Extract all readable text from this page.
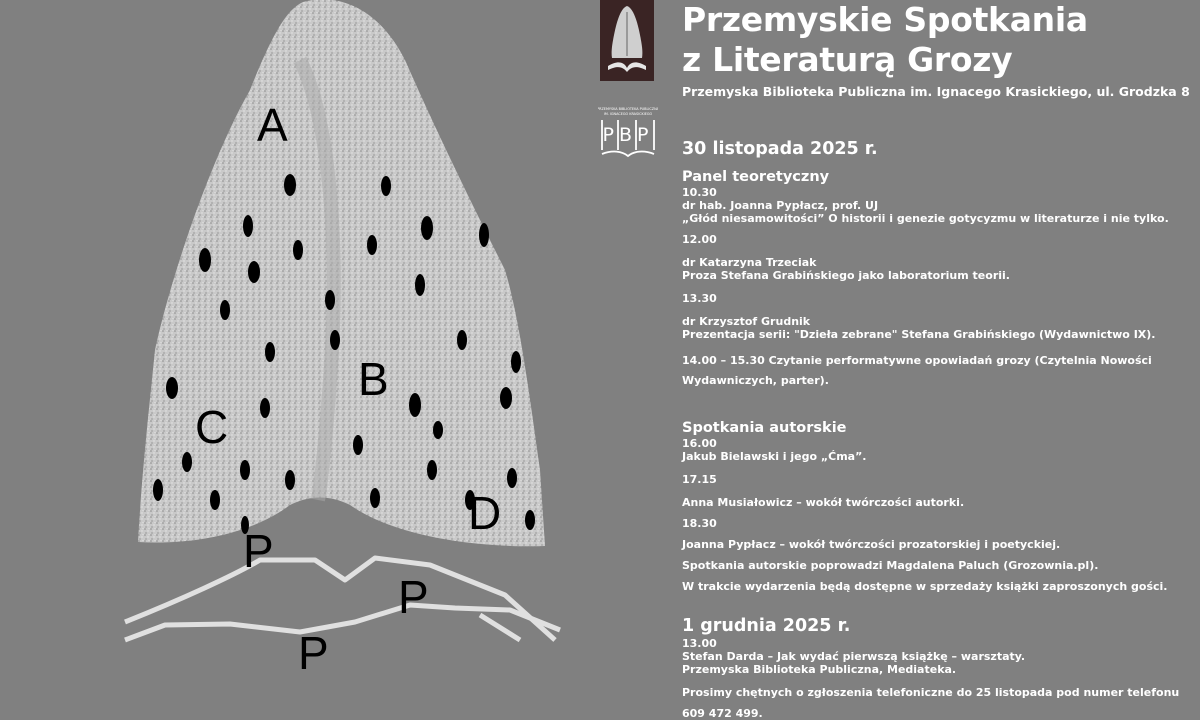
A
B
C
D
P
P
P
PRZEMYSKA BIBLIOTEKA PUBLICZNA
IM. IGNACEGO KRASICKIEGO
PBP
Przemyskie Spotkania
z Literaturą Grozy
Przemyska Biblioteka Publiczna im. Ignacego Krasickiego, ul. Grodzka 8
30 listopada 2025 r.
Panel teoretyczny
10.30
dr hab. Joanna Pypłacz, prof. UJ
„Głód niesamowitości” O historii i genezie gotycyzmu w literaturze i nie tylko.
12.00
dr Katarzyna Trzeciak
Proza Stefana Grabińskiego jako laboratorium teorii.
13.30
dr Krzysztof Grudnik
Prezentacja serii: "Dzieła zebrane" Stefana Grabińskiego (Wydawnictwo IX).
14.00 – 15.30 Czytanie performatywne opowiadań grozy (Czytelnia Nowości Wydawniczych, parter).
Spotkania autorskie
16.00
Jakub Bielawski i jego „Ćma”.
17.15
Anna Musiałowicz – wokół twórczości autorki.
18.30
Joanna Pypłacz – wokół twórczości prozatorskiej i poetyckiej.
Spotkania autorskie poprowadzi Magdalena Paluch (Grozownia.pl).
W trakcie wydarzenia będą dostępne w sprzedaży książki zaproszonych gości.
1 grudnia 2025 r.
13.00
Stefan Darda – Jak wydać pierwszą książkę – warsztaty.
Przemyska Biblioteka Publiczna, Mediateka.
Prosimy chętnych o zgłoszenia telefoniczne do 25 listopada pod numer telefonu
609 472 499.
